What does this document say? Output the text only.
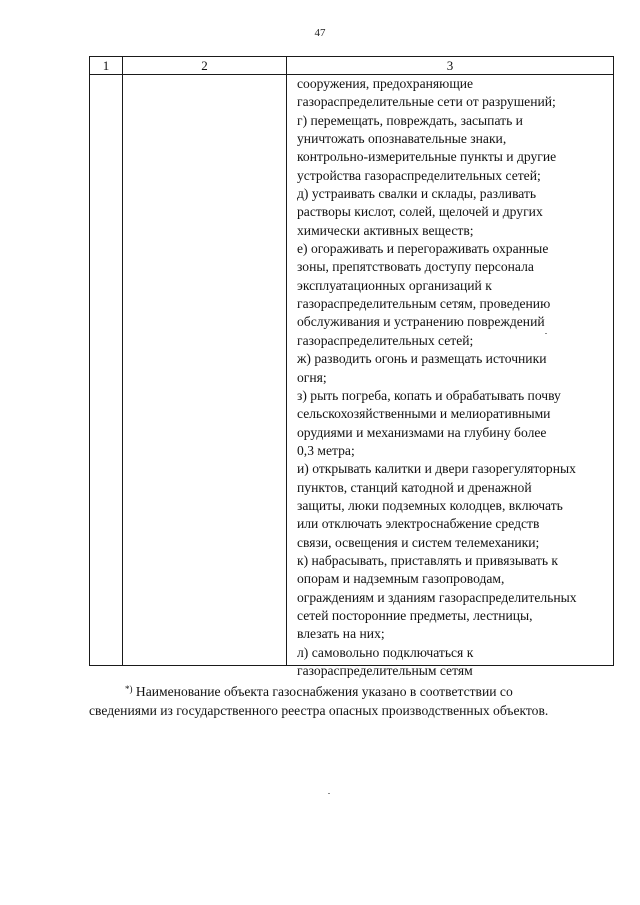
47
1	2	3
сооружения, предохраняющие
газораспределительные сети от разрушений;
г) перемещать, повреждать, засыпать и
уничтожать опознавательные знаки,
контрольно-измерительные пункты и другие
устройства газораспределительных сетей;
д) устраивать свалки и склады, разливать
растворы кислот, солей, щелочей и других
химически активных веществ;
е) огораживать и перегораживать охранные
зоны, препятствовать доступу персонала
эксплуатационных организаций к
газораспределительным сетям, проведению
обслуживания и устранению повреждений
газораспределительных сетей;
ж) разводить огонь и размещать источники
огня;
з) рыть погреба, копать и обрабатывать почву
сельскохозяйственными и мелиоративными
орудиями и механизмами на глубину более
0,3 метра;
и) открывать калитки и двери газорегуляторных
пунктов, станций катодной и дренажной
защиты, люки подземных колодцев, включать
или отключать электроснабжение средств
связи, освещения и систем телемеханики;
к) набрасывать, приставлять и привязывать к
опорам и надземным газопроводам,
ограждениям и зданиям газораспределительных
сетей посторонние предметы, лестницы,
влезать на них;
л) самовольно подключаться к
газораспределительным сетям
*) Наименование объекта газоснабжения указано в соответствии со
сведениями из государственного реестра опасных производственных объектов.
